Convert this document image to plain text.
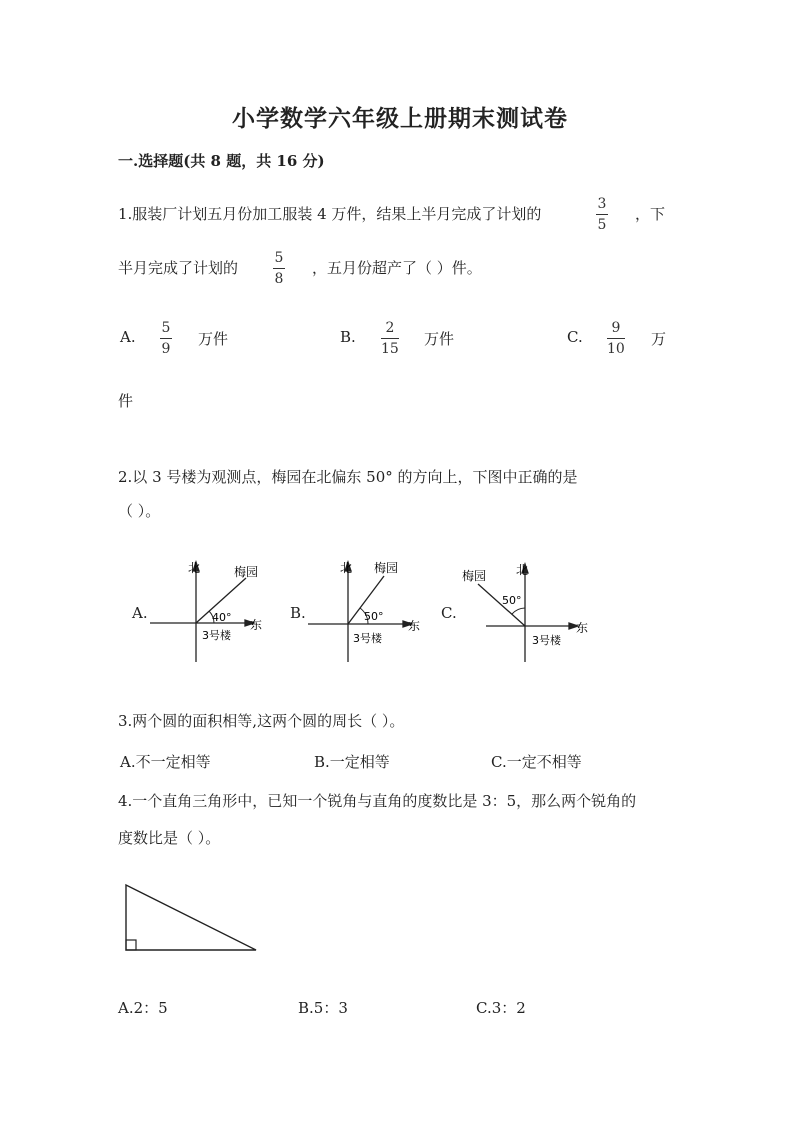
小学数学六年级上册期末测试卷
一.选择题(共 8 题，共 16 分)
1.服装厂计划五月份加工服装 4 万件，结果上半月完成了计划的
3
5
，下
半月完成了计划的
5
8
，五月份超产了（ ）件。
A. 5
9
万件	B. 2
15
万件	C. 9
10
万
件
2.以 3 号楼为观测点，梅园在北偏东 50° 的方向上，下图中正确的是
（ ）。
A.
北	梅园
40°
东
3号楼
B.
北 梅园
50°
东
3号楼
C.
北
梅园
50°
东
3号楼
3.两个圆的面积相等,这两个圆的周长（ ）。
A.不一定相等	B.一定相等	C.一定不相等
4.一个直角三角形中，已知一个锐角与直角的度数比是 3：5，那么两个锐角的
度数比是（ ）。
A.2：5	B.5：3	C.3：2
